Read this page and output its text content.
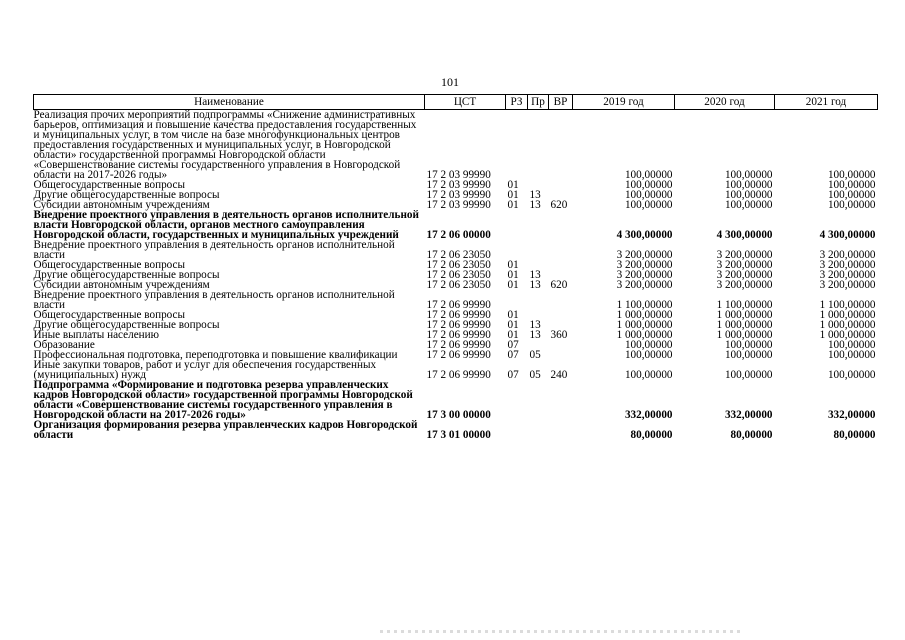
101
Наименование	ЦСТ	РЗ	Пр	ВР	2019 год	2020 год	2021 год
Реализация прочих мероприятий подпрограммы «Снижение административных барьеров, оптимизация и повышение качества предоставления государственных и муниципальных услуг, в том числе на базе многофункциональных центров предоставления государственных и муниципальных услуг, в Новгородской области» государственной программы Новгородской области «Совершенствование системы государственного управления в Новгородской области на 2017-2026 годы»	17 2 03 99990				100,00000	100,00000	100,00000
Общегосударственные вопросы	17 2 03 99990	01			100,00000	100,00000	100,00000
Другие общегосударственные вопросы	17 2 03 99990	01	13		100,00000	100,00000	100,00000
Субсидии автономным учреждениям	17 2 03 99990	01	13	620	100,00000	100,00000	100,00000
Внедрение проектного управления в деятельность органов исполнительной власти Новгородской области, органов местного самоуправления Новгородской области, государственных и муниципальных учреждений	17 2 06 00000				4 300,00000	4 300,00000	4 300,00000
Внедрение проектного управления в деятельность органов исполнительной власти	17 2 06 23050				3 200,00000	3 200,00000	3 200,00000
Общегосударственные вопросы	17 2 06 23050	01			3 200,00000	3 200,00000	3 200,00000
Другие общегосударственные вопросы	17 2 06 23050	01	13		3 200,00000	3 200,00000	3 200,00000
Субсидии автономным учреждениям	17 2 06 23050	01	13	620	3 200,00000	3 200,00000	3 200,00000
Внедрение проектного управления в деятельность органов исполнительной власти	17 2 06 99990				1 100,00000	1 100,00000	1 100,00000
Общегосударственные вопросы	17 2 06 99990	01			1 000,00000	1 000,00000	1 000,00000
Другие общегосударственные вопросы	17 2 06 99990	01	13		1 000,00000	1 000,00000	1 000,00000
Иные выплаты населению	17 2 06 99990	01	13	360	1 000,00000	1 000,00000	1 000,00000
Образование	17 2 06 99990	07			100,00000	100,00000	100,00000
Профессиональная подготовка, переподготовка и повышение квалификации	17 2 06 99990	07	05		100,00000	100,00000	100,00000
Иные закупки товаров, работ и услуг для обеспечения государственных (муниципальных) нужд	17 2 06 99990	07	05	240	100,00000	100,00000	100,00000
Подпрограмма «Формирование и подготовка резерва управленческих кадров Новгородской области» государственной программы Новгородской области «Совершенствование системы государственного управления в Новгородской области на 2017-2026 годы»	17 3 00 00000				332,00000	332,00000	332,00000
Организация формирования резерва управленческих кадров Новгородской области	17 3 01 00000				80,00000	80,00000	80,00000
